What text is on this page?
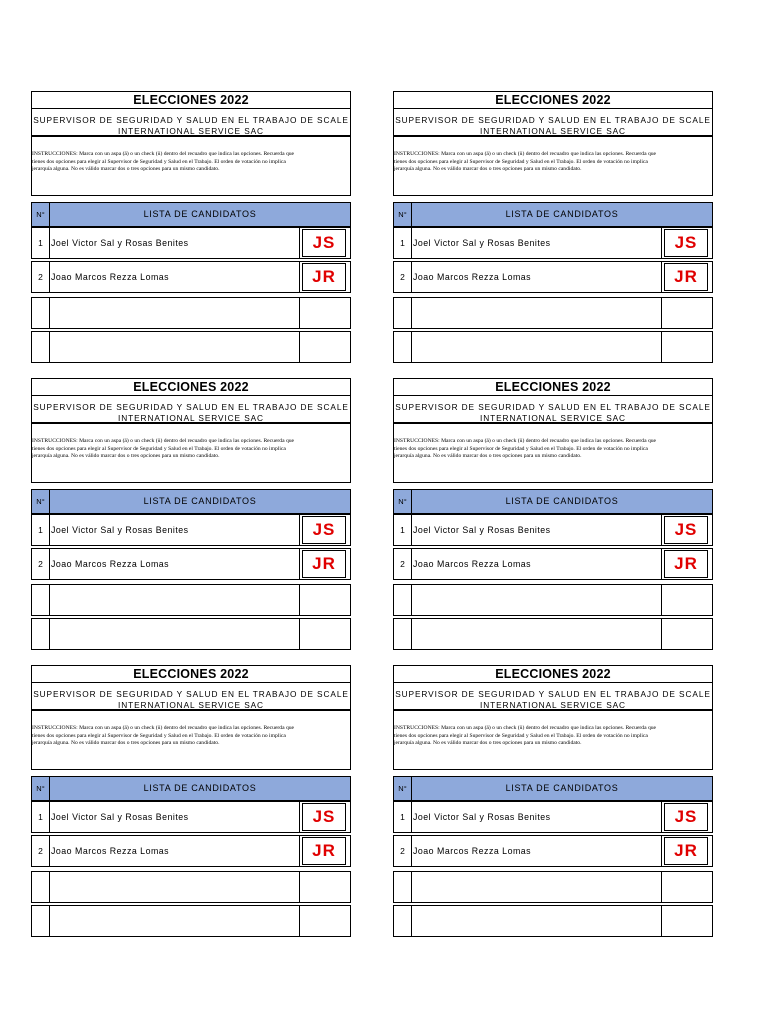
ELECCIONES 2022
SUPERVISOR DE SEGURIDAD Y SALUD EN EL TRABAJO DE SCALE
INTERNATIONAL SERVICE SAC
INSTRUCCIONES: Marca con un aspa (ä) o un check (ü) dentro del recuadro que indica las opciones. Recuerda que
tienes dos opciones para elegir al Supervisor de Seguridad y Salud en el Trabajo. El orden de votación no implica
jerarquía alguna. No es válido marcar dos o tres opciones para un mismo candidato.
N°	LISTA DE CANDIDATOS
1 Joel Victor Sal y Rosas Benites	JS
2 Joao Marcos Rezza Lomas	JR
ELECCIONES 2022
SUPERVISOR DE SEGURIDAD Y SALUD EN EL TRABAJO DE SCALE
INTERNATIONAL SERVICE SAC
INSTRUCCIONES: Marca con un aspa (ä) o un check (ü) dentro del recuadro que indica las opciones. Recuerda que
tienes dos opciones para elegir al Supervisor de Seguridad y Salud en el Trabajo. El orden de votación no implica
jerarquía alguna. No es válido marcar dos o tres opciones para un mismo candidato.
N°	LISTA DE CANDIDATOS
1 Joel Victor Sal y Rosas Benites	JS
2 Joao Marcos Rezza Lomas	JR
ELECCIONES 2022
SUPERVISOR DE SEGURIDAD Y SALUD EN EL TRABAJO DE SCALE
INTERNATIONAL SERVICE SAC
INSTRUCCIONES: Marca con un aspa (ä) o un check (ü) dentro del recuadro que indica las opciones. Recuerda que
tienes dos opciones para elegir al Supervisor de Seguridad y Salud en el Trabajo. El orden de votación no implica
jerarquía alguna. No es válido marcar dos o tres opciones para un mismo candidato.
N°	LISTA DE CANDIDATOS
1 Joel Victor Sal y Rosas Benites	JS
2 Joao Marcos Rezza Lomas	JR
ELECCIONES 2022
SUPERVISOR DE SEGURIDAD Y SALUD EN EL TRABAJO DE SCALE
INTERNATIONAL SERVICE SAC
INSTRUCCIONES: Marca con un aspa (ä) o un check (ü) dentro del recuadro que indica las opciones. Recuerda que
tienes dos opciones para elegir al Supervisor de Seguridad y Salud en el Trabajo. El orden de votación no implica
jerarquía alguna. No es válido marcar dos o tres opciones para un mismo candidato.
N°	LISTA DE CANDIDATOS
1 Joel Victor Sal y Rosas Benites	JS
2 Joao Marcos Rezza Lomas	JR
ELECCIONES 2022
SUPERVISOR DE SEGURIDAD Y SALUD EN EL TRABAJO DE SCALE
INTERNATIONAL SERVICE SAC
INSTRUCCIONES: Marca con un aspa (ä) o un check (ü) dentro del recuadro que indica las opciones. Recuerda que
tienes dos opciones para elegir al Supervisor de Seguridad y Salud en el Trabajo. El orden de votación no implica
jerarquía alguna. No es válido marcar dos o tres opciones para un mismo candidato.
N°	LISTA DE CANDIDATOS
1 Joel Victor Sal y Rosas Benites	JS
2 Joao Marcos Rezza Lomas	JR
ELECCIONES 2022
SUPERVISOR DE SEGURIDAD Y SALUD EN EL TRABAJO DE SCALE
INTERNATIONAL SERVICE SAC
INSTRUCCIONES: Marca con un aspa (ä) o un check (ü) dentro del recuadro que indica las opciones. Recuerda que
tienes dos opciones para elegir al Supervisor de Seguridad y Salud en el Trabajo. El orden de votación no implica
jerarquía alguna. No es válido marcar dos o tres opciones para un mismo candidato.
N°	LISTA DE CANDIDATOS
1 Joel Victor Sal y Rosas Benites	JS
2 Joao Marcos Rezza Lomas	JR
